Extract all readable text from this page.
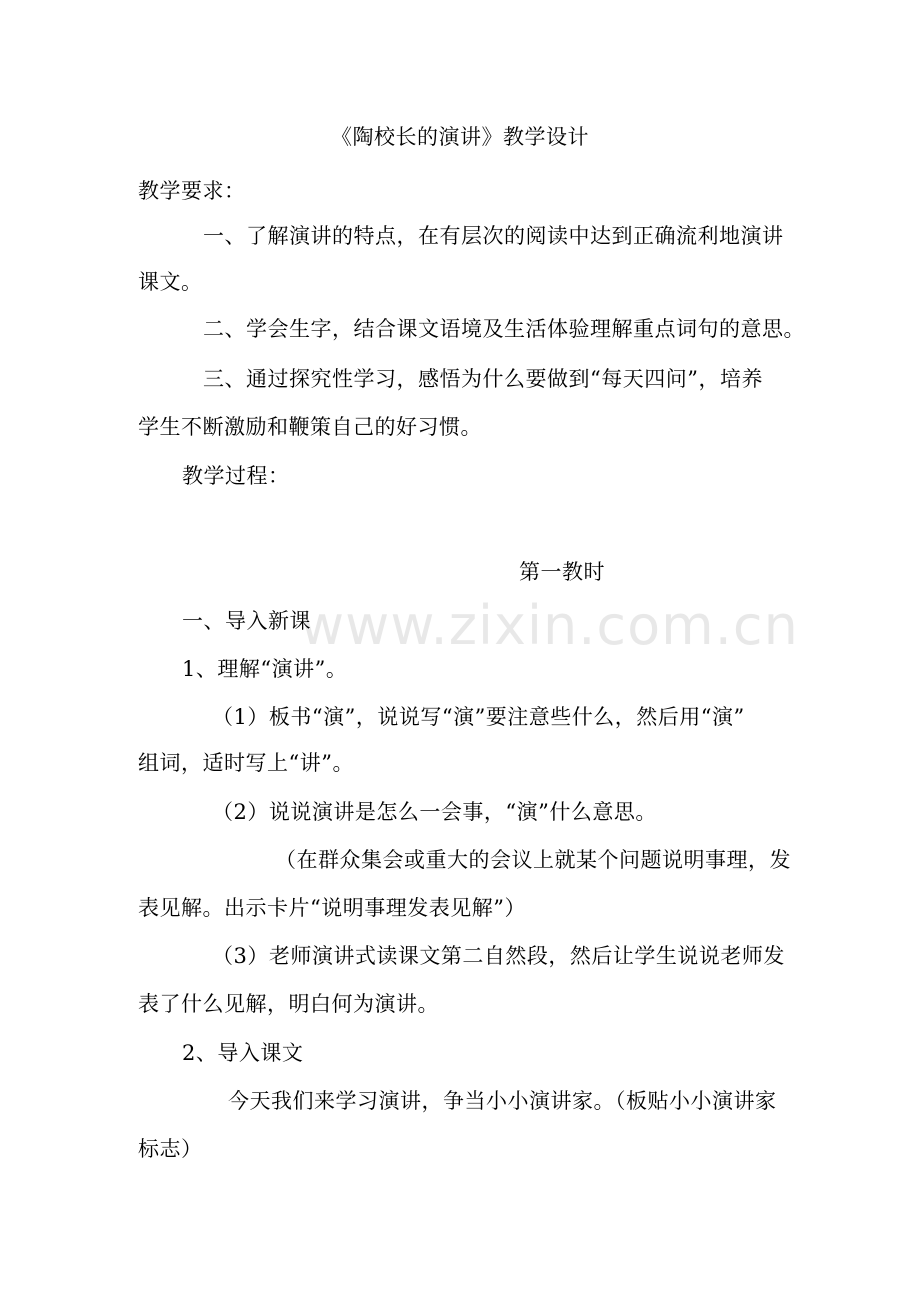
《陶校长的演讲》教学设计
教学要求：
一、了解演讲的特点，在有层次的阅读中达到正确流利地演讲
课文。
二、学会生字，结合课文语境及生活体验理解重点词句的意思。
三、通过探究性学习，感悟为什么要做到“每天四问”，培养
学生不断激励和鞭策自己的好习惯。
教学过程：
第一教时
一、导入新课
1、理解“演讲”。
（1）板书“演”，说说写“演”要注意些什么，然后用“演”
组词，适时写上“讲”。
（2）说说演讲是怎么一会事，“演”什么意思。
（在群众集会或重大的会议上就某个问题说明事理，发
表见解。出示卡片“说明事理发表见解”）
（3）老师演讲式读课文第二自然段，然后让学生说说老师发
表了什么见解，明白何为演讲。
2、导入课文
今天我们来学习演讲，争当小小演讲家。（板贴小小演讲家
标志）
www.zixin.com.cn
